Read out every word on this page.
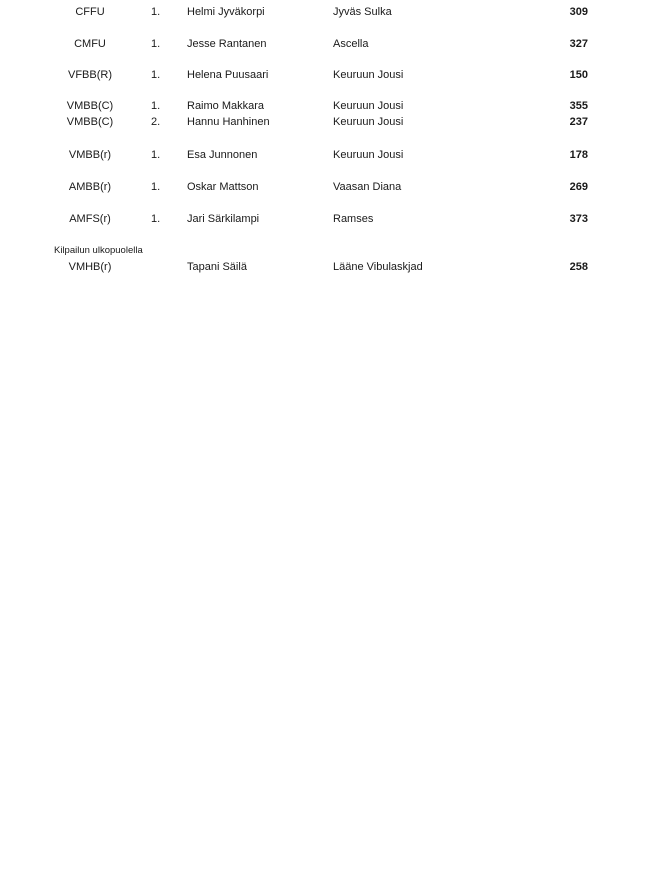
CFFU	1. Helmi Jyväkorpi	Jyväs Sulka	309
CMFU	1. Jesse Rantanen	Ascella	327
VFBB(R)	1. Helena Puusaari	Keuruun Jousi	150
VMBB(C)	1. Raimo Makkara	Keuruun Jousi	355
VMBB(C)	2. Hannu Hanhinen	Keuruun Jousi	237
VMBB(r)	1. Esa Junnonen	Keuruun Jousi	178
AMBB(r)	1. Oskar Mattson	Vaasan Diana	269
AMFS(r)	1. Jari Särkilampi	Ramses	373
Kilpailun ulkopuolella
VMHB(r)	Tapani Säilä	Lääne Vibulaskjad	258
